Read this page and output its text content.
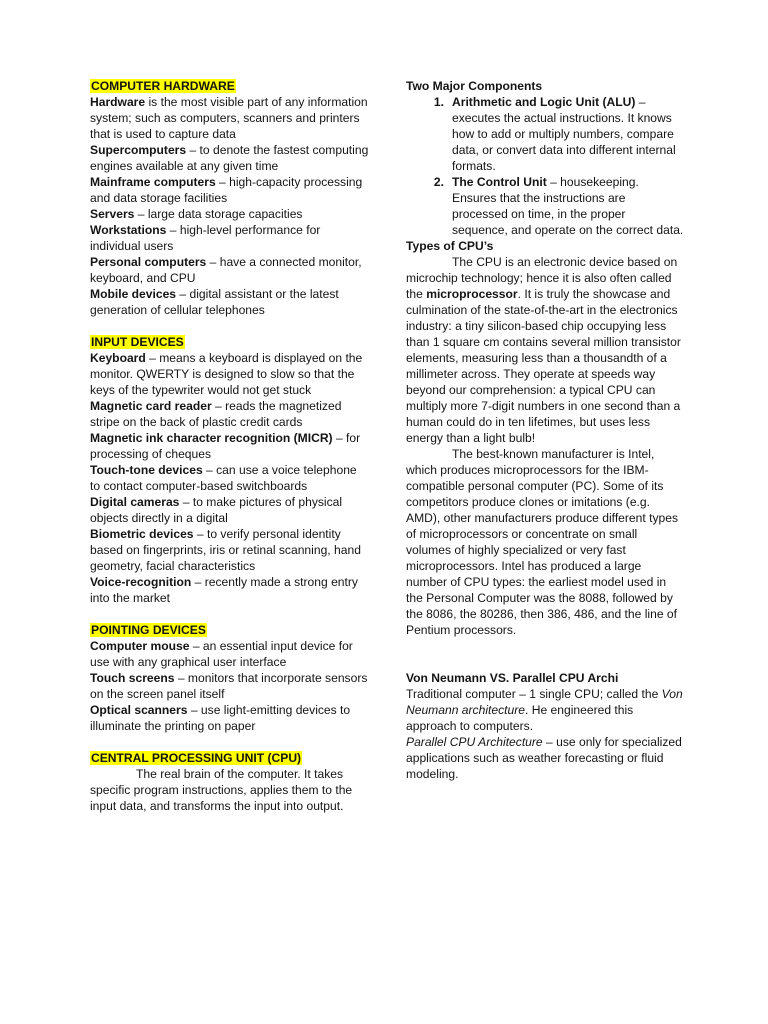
COMPUTER HARDWARE

Hardware is the most visible part of any information system; such as computers, scanners and printers that is used to capture data

Supercomputers – to denote the fastest computing engines available at any given time

Mainframe computers – high-capacity processing and data storage facilities

Servers – large data storage capacities

Workstations – high-level performance for individual users

Personal computers – have a connected monitor, keyboard, and CPU

Mobile devices – digital assistant or the latest generation of cellular telephones

INPUT DEVICES

Keyboard – means a keyboard is displayed on the monitor. QWERTY is designed to slow so that the keys of the typewriter would not get stuck

Magnetic card reader – reads the magnetized stripe on the back of plastic credit cards

Magnetic ink character recognition (MICR) – for processing of cheques

Touch-tone devices – can use a voice telephone to contact computer-based switchboards

Digital cameras – to make pictures of physical objects directly in a digital

Biometric devices – to verify personal identity based on fingerprints, iris or retinal scanning, hand geometry, facial characteristics

Voice-recognition – recently made a strong entry into the market

POINTING DEVICES

Computer mouse – an essential input device for use with any graphical user interface

Touch screens – monitors that incorporate sensors on the screen panel itself

Optical scanners – use light-emitting devices to illuminate the printing on paper

CENTRAL PROCESSING UNIT (CPU)

The real brain of the computer. It takes specific program instructions, applies them to the input data, and transforms the input into output.

Two Major Components

1. Arithmetic and Logic Unit (ALU) – executes the actual instructions. It knows how to add or multiply numbers, compare data, or convert data into different internal formats.
2. The Control Unit – housekeeping. Ensures that the instructions are processed on time, in the proper sequence, and operate on the correct data.

Types of CPU’s

The CPU is an electronic device based on microchip technology; hence it is also often called the microprocessor. It is truly the showcase and culmination of the state-of-the-art in the electronics industry: a tiny silicon-based chip occupying less than 1 square cm contains several million transistor elements, measuring less than a thousandth of a millimeter across. They operate at speeds way beyond our comprehension: a typical CPU can multiply more 7-digit numbers in one second than a human could do in ten lifetimes, but uses less energy than a light bulb!

The best-known manufacturer is Intel, which produces microprocessors for the IBM-compatible personal computer (PC). Some of its competitors produce clones or imitations (e.g. AMD), other manufacturers produce different types of microprocessors or concentrate on small volumes of highly specialized or very fast microprocessors. Intel has produced a large number of CPU types: the earliest model used in the Personal Computer was the 8088, followed by the 8086, the 80286, then 386, 486, and the line of Pentium processors.

Von Neumann VS. Parallel CPU Archi

Traditional computer – 1 single CPU; called the Von Neumann architecture. He engineered this approach to computers.

Parallel CPU Architecture – use only for specialized applications such as weather forecasting or fluid modeling.
